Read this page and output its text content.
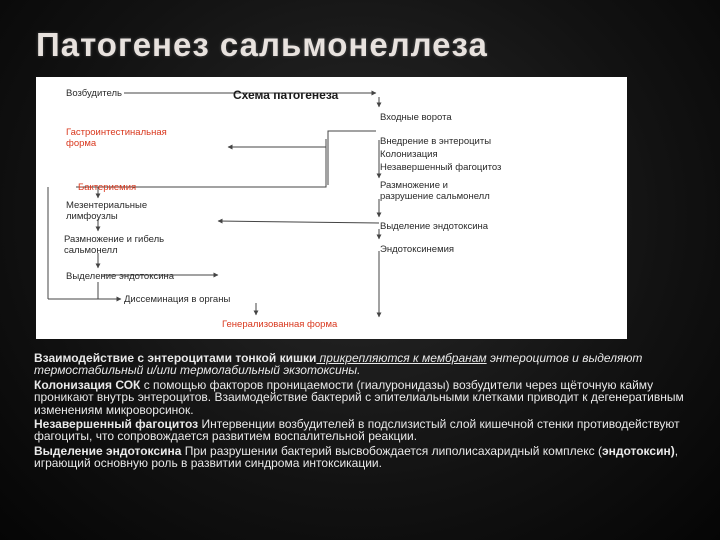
Патогенез сальмонеллеза
Схема патогенеза
Возбудитель
Гастроинтестинальная
форма
Бактериемия
Мезентериальные
лимфоузлы
Размножение и гибель
сальмонелл
Выделение эндотоксина
Диссеминация в органы
Генерализованная форма
Входные ворота
Внедрение в энтероциты
Колонизация
Незавершенный фагоцитоз
Размножение и
разрушение сальмонелл
Выделение эндотоксина
Эндотоксинемия
Взаимодействие с энтероцитами тонкой кишки прикрепляются к мембранам энтероцитов и выделяют термостабильный и/или термолабильный экзотоксины.
Колонизация СОК с помощью факторов проницаемости (гиалуронидазы) возбудители через щёточную кайму проникают внутрь энтероцитов. Взаимодействие бактерий с эпителиальными клетками приводит к дегенеративным изменениям микроворсинок.
Незавершенный фагоцитоз Интервенции возбудителей в подслизистый слой кишечной стенки противодействуют фагоциты, что сопровождается развитием воспалительной реакции.
Выделение эндотоксина При разрушении бактерий высвобождается липолисахаридный комплекс (эндотоксин), играющий основную роль в развитии синдрома интоксикации.
